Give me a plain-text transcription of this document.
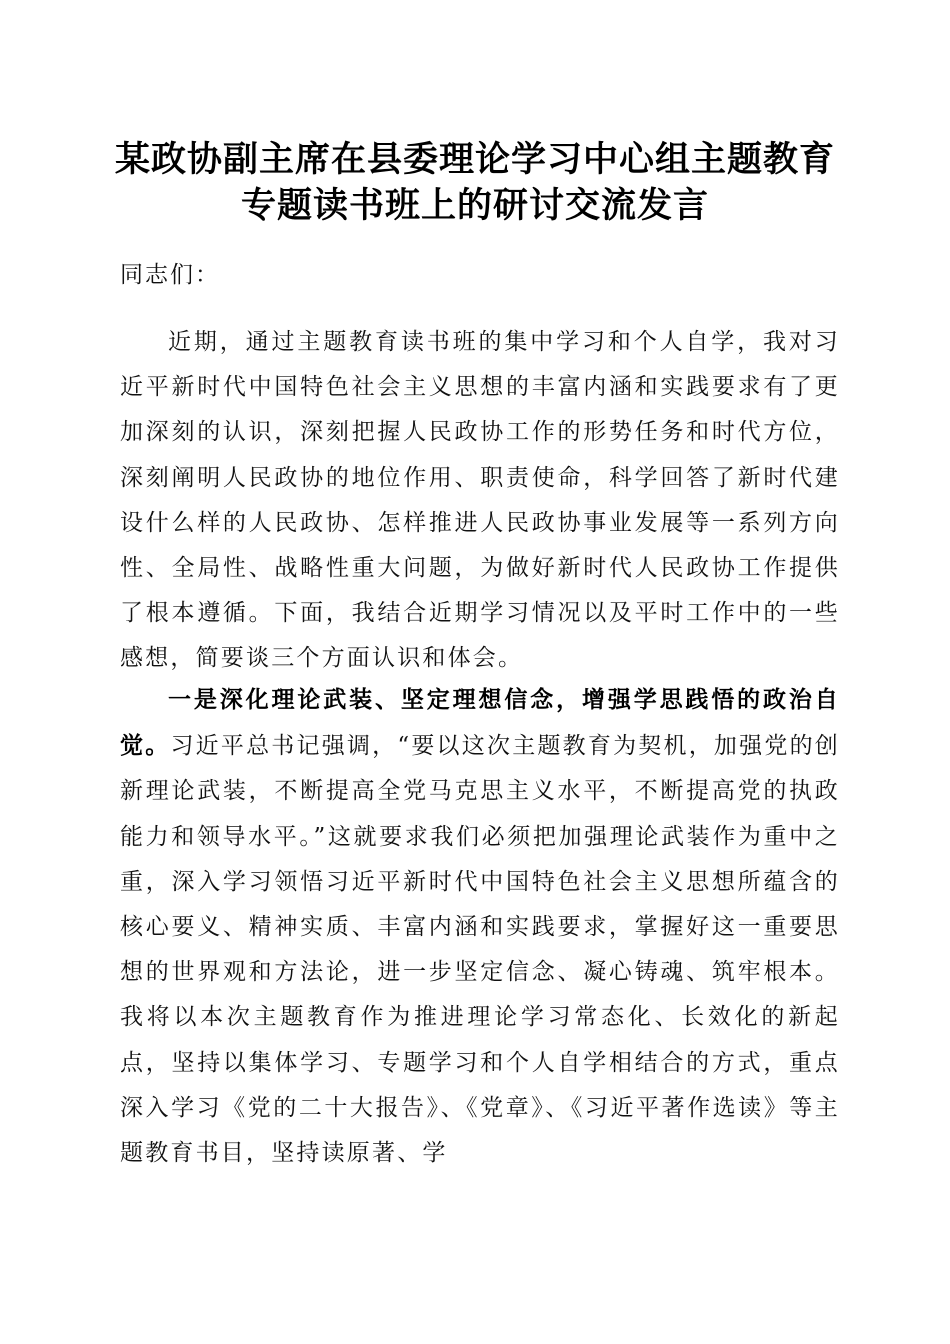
某政协副主席在县委理论学习中心组主题教育
专题读书班上的研讨交流发言
同志们：

近期，通过主题教育读书班的集中学习和个人自学，我对习近平新时代中国特色社会主义思想的丰富内涵和实践要求有了更加深刻的认识，深刻把握人民政协工作的形势任务和时代方位，深刻阐明人民政协的地位作用、职责使命，科学回答了新时代建设什么样的人民政协、怎样推进人民政协事业发展等一系列方向性、全局性、战略性重大问题，为做好新时代人民政协工作提供了根本遵循。下面，我结合近期学习情况以及平时工作中的一些感想，简要谈三个方面认识和体会。

一是深化理论武装、坚定理想信念，增强学思践悟的政治自觉。习近平总书记强调，“要以这次主题教育为契机，加强党的创新理论武装，不断提高全党马克思主义水平，不断提高党的执政能力和领导水平。”这就要求我们必须把加强理论武装作为重中之重，深入学习领悟习近平新时代中国特色社会主义思想所蕴含的核心要义、精神实质、丰富内涵和实践要求，掌握好这一重要思想的世界观和方法论，进一步坚定信念、凝心铸魂、筑牢根本。我将以本次主题教育作为推进理论学习常态化、长效化的新起点，坚持以集体学习、专题学习和个人自学相结合的方式，重点深入学习《党的二十大报告》、《党章》、《习近平著作选读》等主题教育书目，坚持读原著、学
